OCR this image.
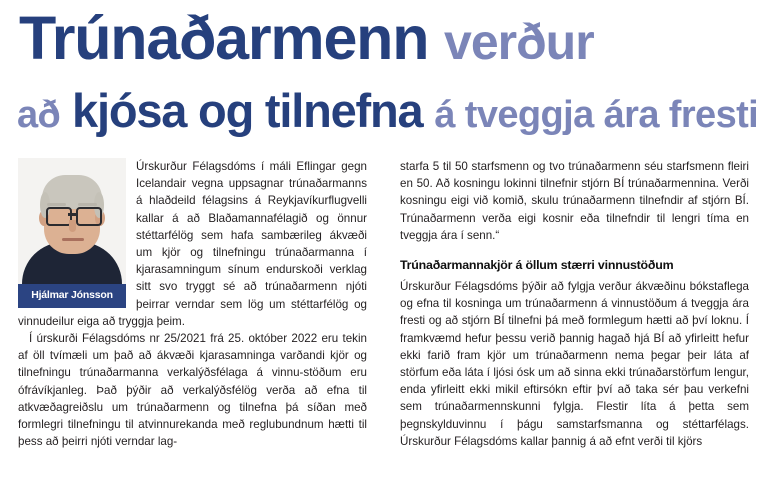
Trúnaðarmenn verður
að kjósa og tilnefna á tveggja ára fresti
Hjálmar Jónsson

Úrskurður Félagsdóms í máli Eflingar gegn Icelandair vegna uppsagnar trúnaðarmanns á hlaðdeild félagsins á Reykjavíkurflugvelli kallar á að Blaðamannafélagið og önnur stéttarfélög sem hafa sambærileg ákvæði um kjör og tilnefningu trúnaðarmanna í kjarasamningum sínum endurskoði verklag sitt svo tryggt sé að trúnaðarmenn njóti þeirrar verndar sem lög um stéttarfélög og vinnudeilur eiga að tryggja þeim.

Í úrskurði Félagsdóms nr 25/2021 frá 25. október 2022 eru tekin af öll tvímæli um það að ákvæði kjarasamninga varðandi kjör og tilnefningu trúnaðarmanna verkalýðsfélaga á vinnu-stöðum eru ófrávíkjanleg. Það þýðir að verkalýðsfélög verða að efna til atkvæðagreiðslu um trúnaðarmenn og tilnefna þá síðan með formlegri tilnefningu til atvinnurekanda með reglubundnum hætti til þess að þeirri njóti verndar lag-

starfa 5 til 50 starfsmenn og tvo trúnaðarmenn séu starfsmenn fleiri en 50. Að kosningu lokinni tilnefnir stjórn BÍ trúnaðarmennina. Verði kosningu eigi við komið, skulu trúnaðarmenn tilnefndir af stjórn BÍ. Trúnaðarmenn verða eigi kosnir eða tilnefndir til lengri tíma en tveggja ára í senn.“

Trúnaðarmannakjör á öllum stærri vinnustöðum

Úrskurður Félagsdóms þýðir að fylgja verður ákvæðinu bókstaflega og efna til kosninga um trúnaðarmenn á vinnustöðum á tveggja ára fresti og að stjórn BÍ tilnefni þá með formlegum hætti að því loknu. Í framkvæmd hefur þessu verið þannig hagað hjá BÍ að yfirleitt hefur ekki farið fram kjör um trúnaðarmenn nema þegar þeir láta af störfum eða láta í ljósi ósk um að sinna ekki trúnaðarstörfum lengur, enda yfirleitt ekki mikil eftirsókn eftir því að taka sér þau verkefni sem trúnaðarmennskunni fylgja. Flestir líta á þetta sem þegnskylduvinnu í þágu samstarfsmanna og stéttarfélags. Úrskurður Félagsdóms kallar þannig á að efnt verði til kjörs
